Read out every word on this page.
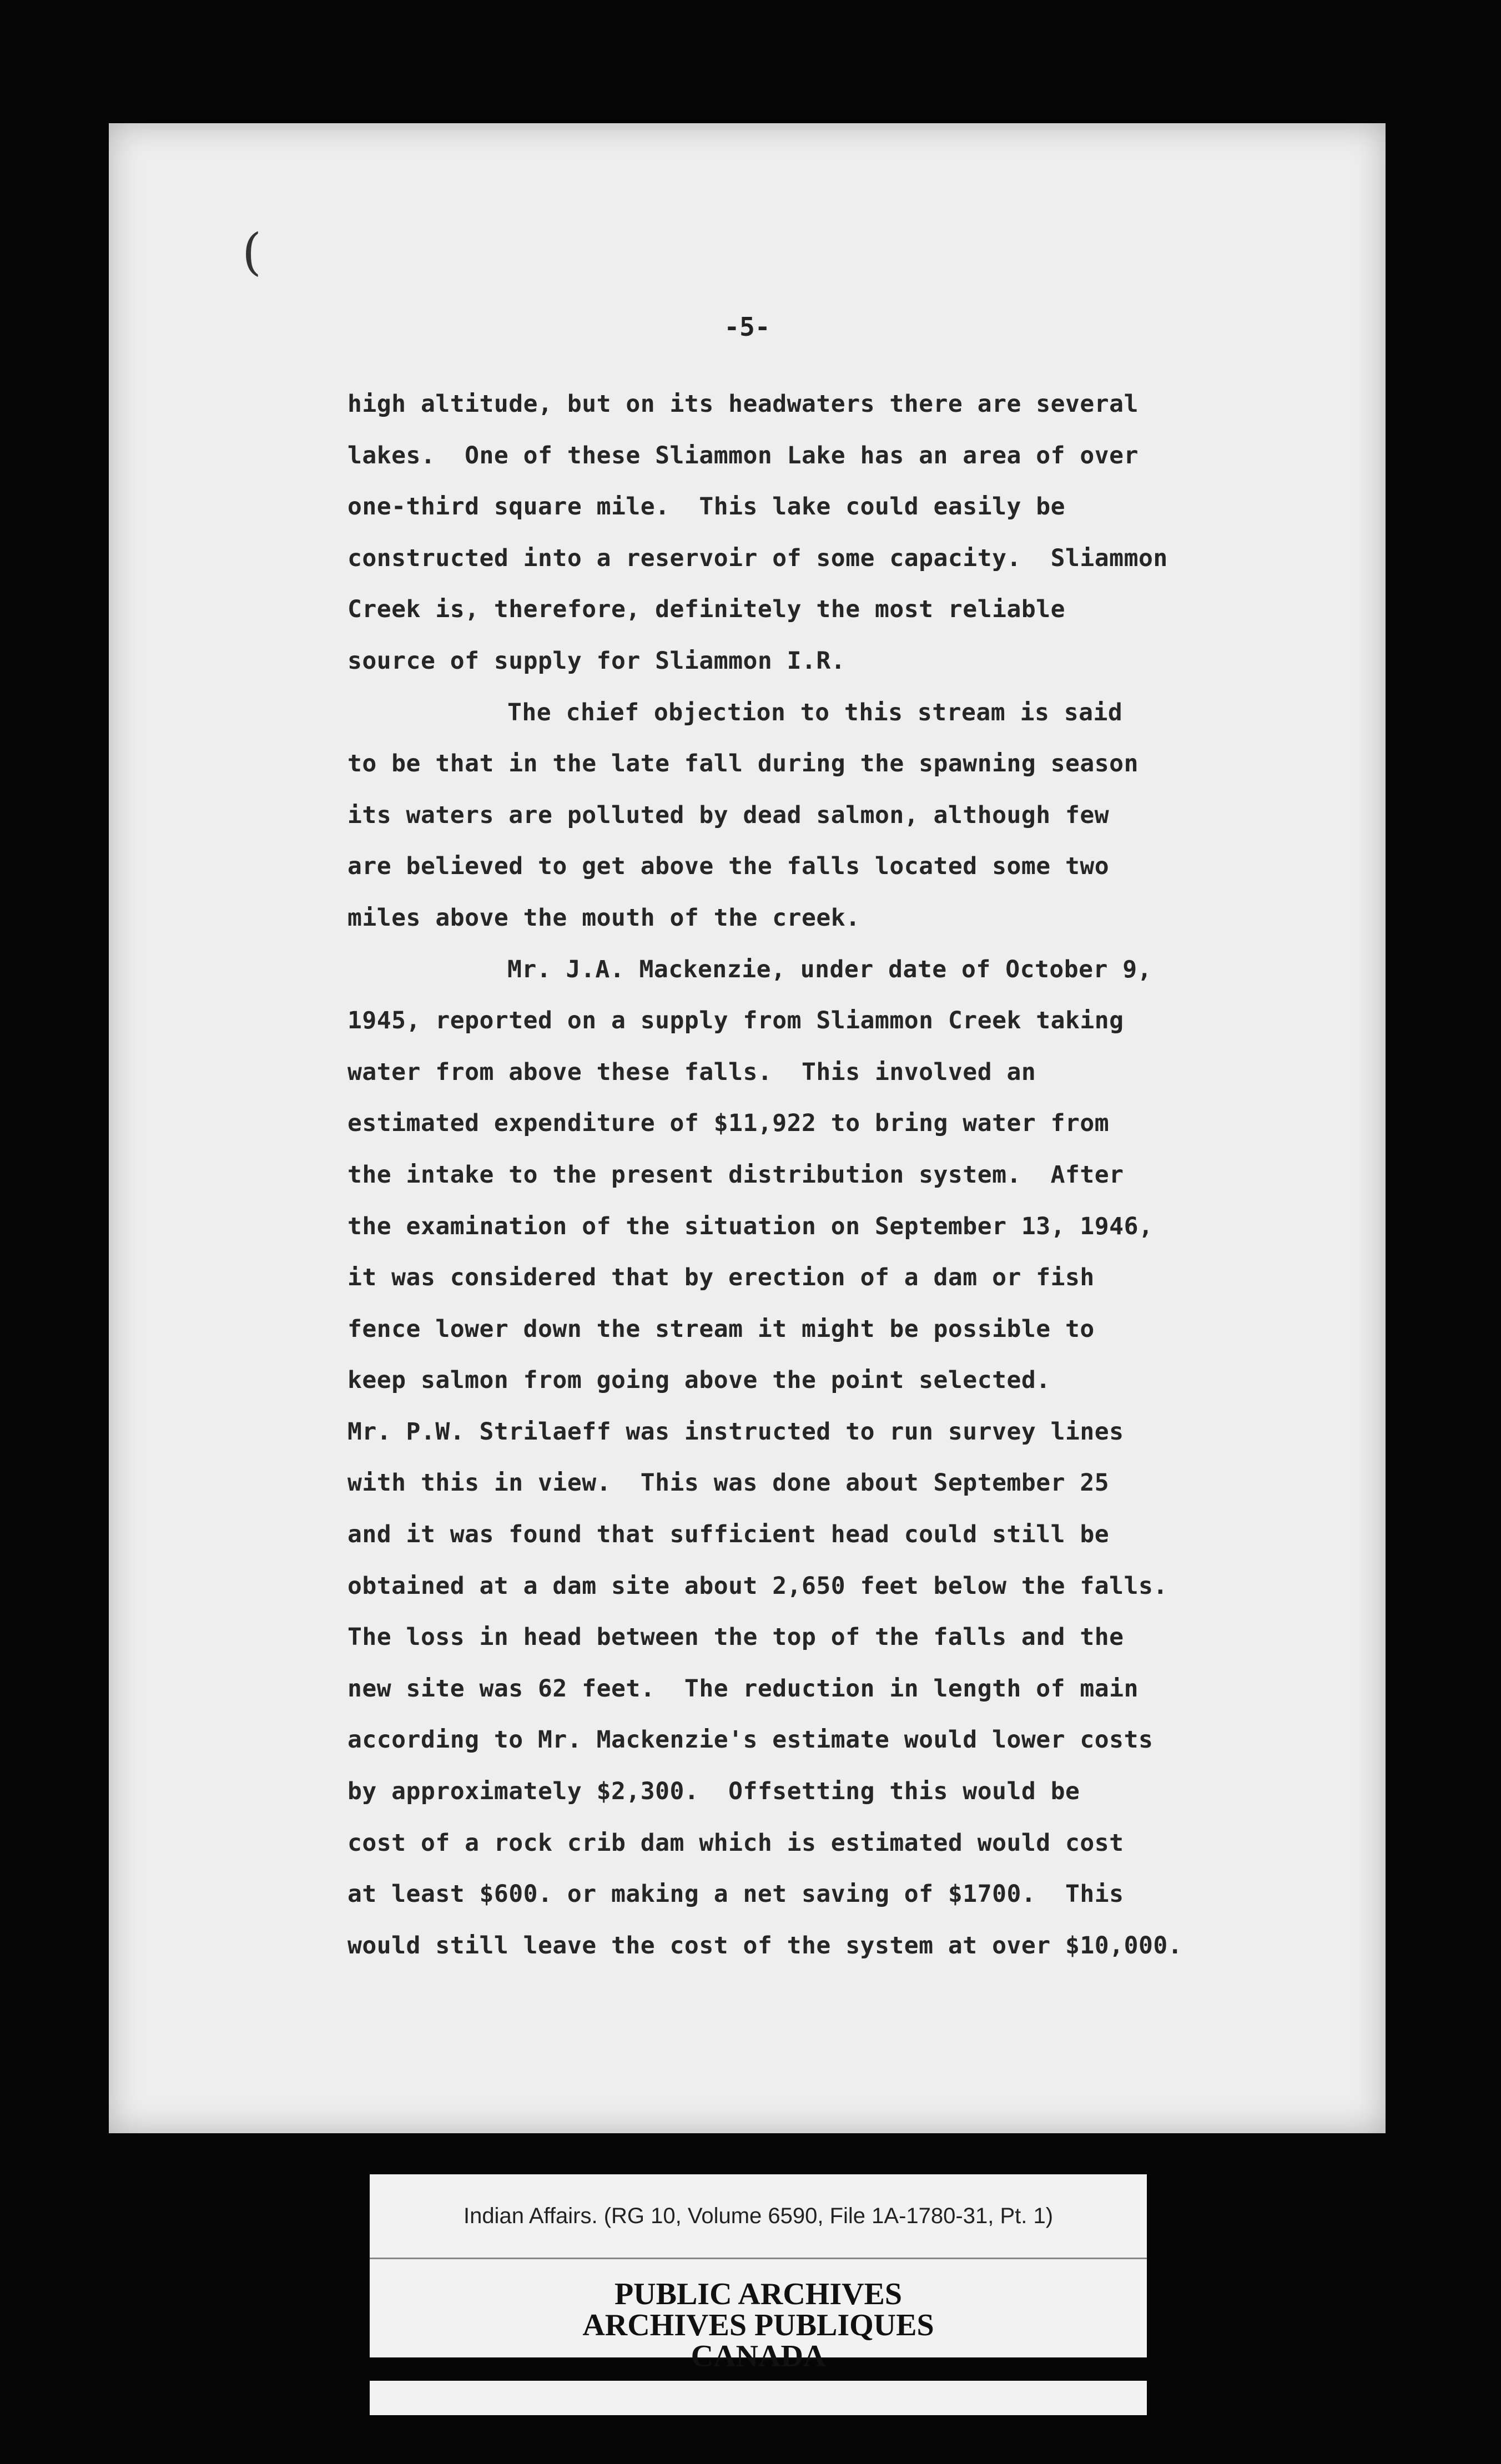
(
-5-
high altitude, but on its headwaters there are several
lakes.  One of these Sliammon Lake has an area of over
one-third square mile.  This lake could easily be
constructed into a reservoir of some capacity.  Sliammon
Creek is, therefore, definitely the most reliable
source of supply for Sliammon I.R.
The chief objection to this stream is said
to be that in the late fall during the spawning season
its waters are polluted by dead salmon, although few
are believed to get above the falls located some two
miles above the mouth of the creek.
Mr. J.A. Mackenzie, under date of October 9,
1945, reported on a supply from Sliammon Creek taking
water from above these falls.  This involved an
estimated expenditure of $11,922 to bring water from
the intake to the present distribution system.  After
the examination of the situation on September 13, 1946,
it was considered that by erection of a dam or fish
fence lower down the stream it might be possible to
keep salmon from going above the point selected.
Mr. P.W. Strilaeff was instructed to run survey lines
with this in view.  This was done about September 25
and it was found that sufficient head could still be
obtained at a dam site about 2,650 feet below the falls.
The loss in head between the top of the falls and the
new site was 62 feet.  The reduction in length of main
according to Mr. Mackenzie's estimate would lower costs
by approximately $2,300.  Offsetting this would be
cost of a rock crib dam which is estimated would cost
at least $600. or making a net saving of $1700.  This
would still leave the cost of the system at over $10,000.
Indian Affairs. (RG 10, Volume 6590, File 1A-1780-31, Pt. 1)
PUBLIC ARCHIVES
ARCHIVES PUBLIQUES
CANADA
